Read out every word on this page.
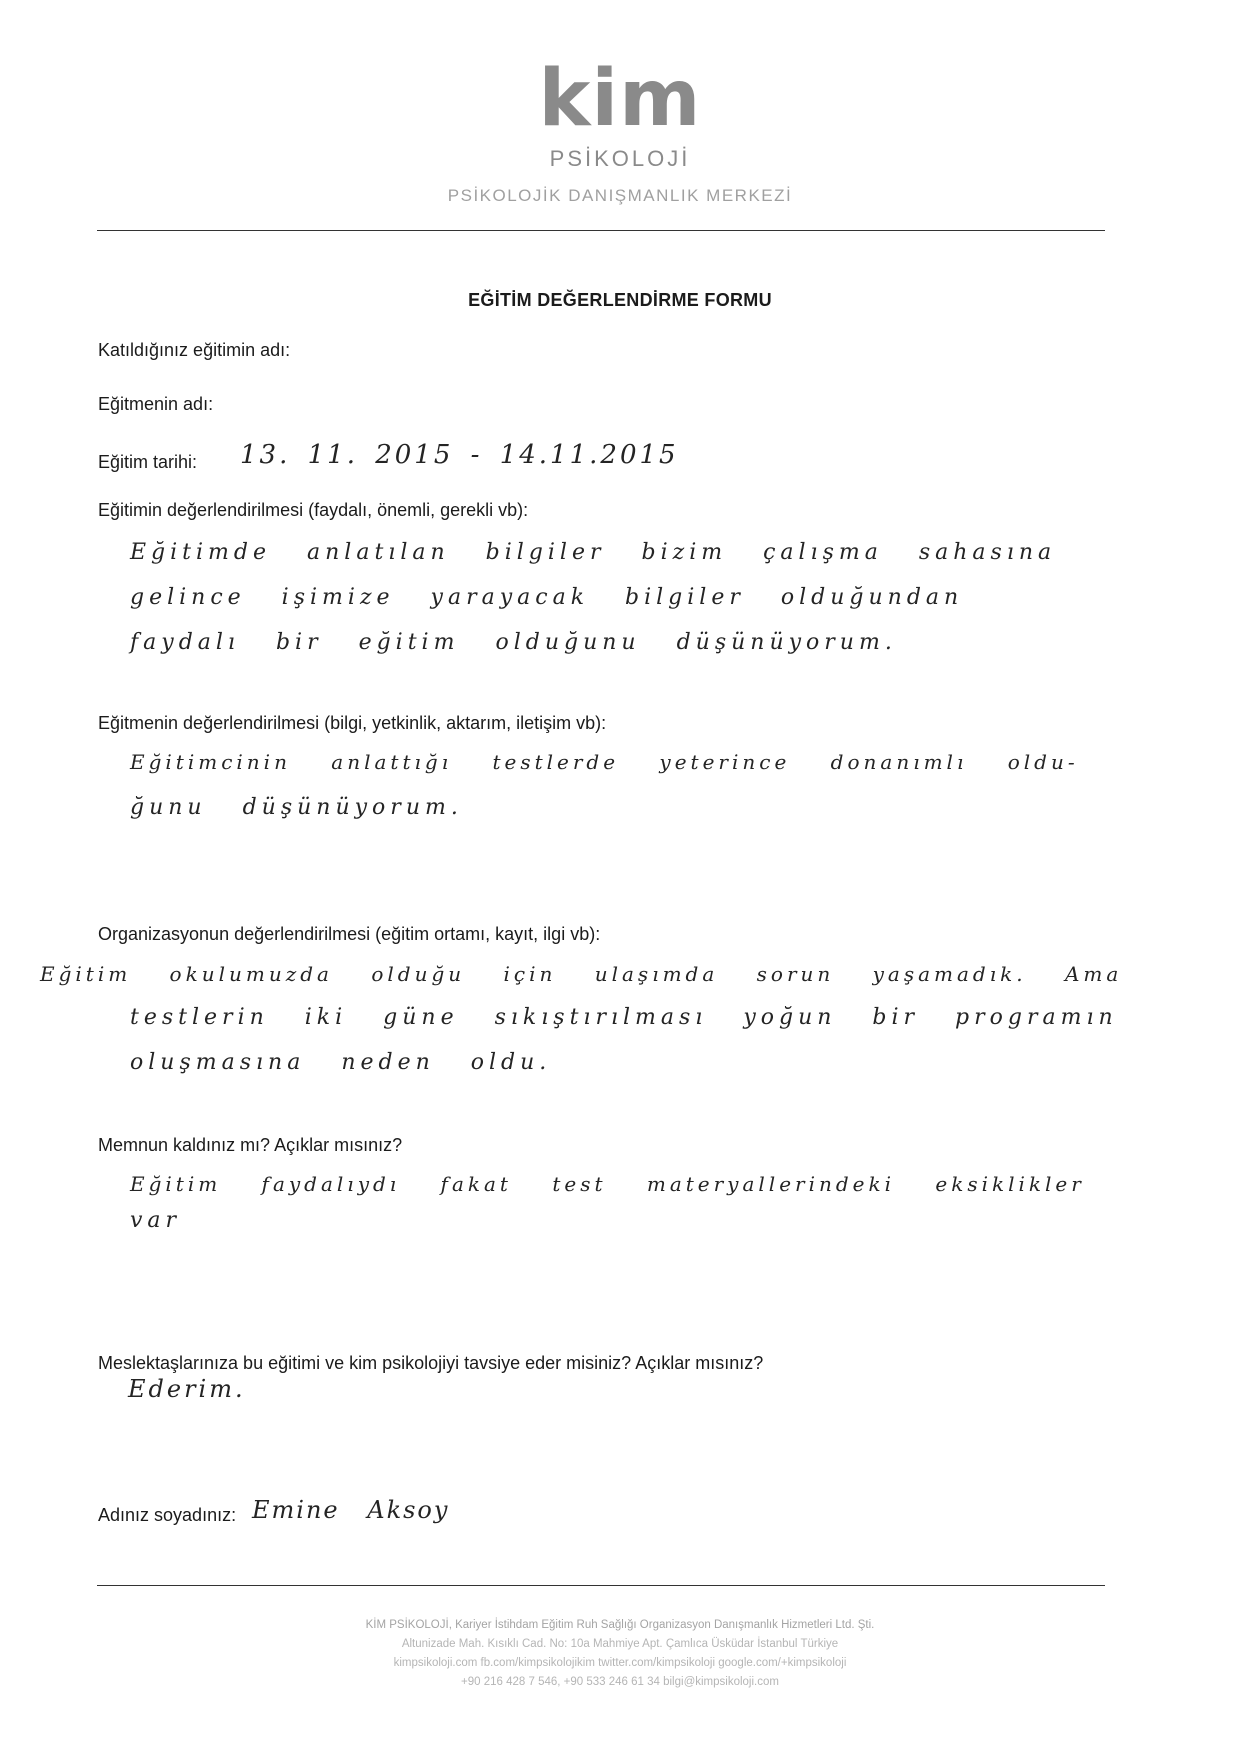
kim
PSİKOLOJİ
PSİKOLOJİK DANIŞMANLIK MERKEZİ
EĞİTİM DEĞERLENDİRME FORMU
Katıldığınız eğitimin adı:
Eğitmenin adı:
Eğitim tarihi: 13. 11. 2015 - 14.11.2015
Eğitimin değerlendirilmesi (faydalı, önemli, gerekli vb):
Eğitimde anlatılan bilgiler bizim çalışma sahasına
gelince işimize yarayacak bilgiler olduğundan
faydalı bir eğitim olduğunu düşünüyorum.
Eğitmenin değerlendirilmesi (bilgi, yetkinlik, aktarım, iletişim vb):
Eğitimcinin anlattığı testlerde yeterince donanımlı oldu-
ğunu düşünüyorum.
Organizasyonun değerlendirilmesi (eğitim ortamı, kayıt, ilgi vb):
Eğitim okulumuzda olduğu için ulaşımda sorun yaşamadık. Ama
testlerin iki güne sıkıştırılması yoğun bir programın
oluşmasına neden oldu.
Memnun kaldınız mı? Açıklar mısınız?
Eğitim faydalıydı fakat test materyallerindeki eksiklikler
var
Meslektaşlarınıza bu eğitimi ve kim psikolojiyi tavsiye eder misiniz? Açıklar mısınız?
Ederim.
Adınız soyadınız: Emine Aksoy
KİM PSİKOLOJİ, Kariyer İstihdam Eğitim Ruh Sağlığı Organizasyon Danışmanlık Hizmetleri Ltd. Şti.
Altunizade Mah. Kısıklı Cad. No: 10a Mahmiye Apt. Çamlıca Üsküdar İstanbul Türkiye
kimpsikoloji.com fb.com/kimpsikolojikim twitter.com/kimpsikoloji google.com/+kimpsikoloji
+90 216 428 7 546, +90 533 246 61 34 bilgi@kimpsikoloji.com
